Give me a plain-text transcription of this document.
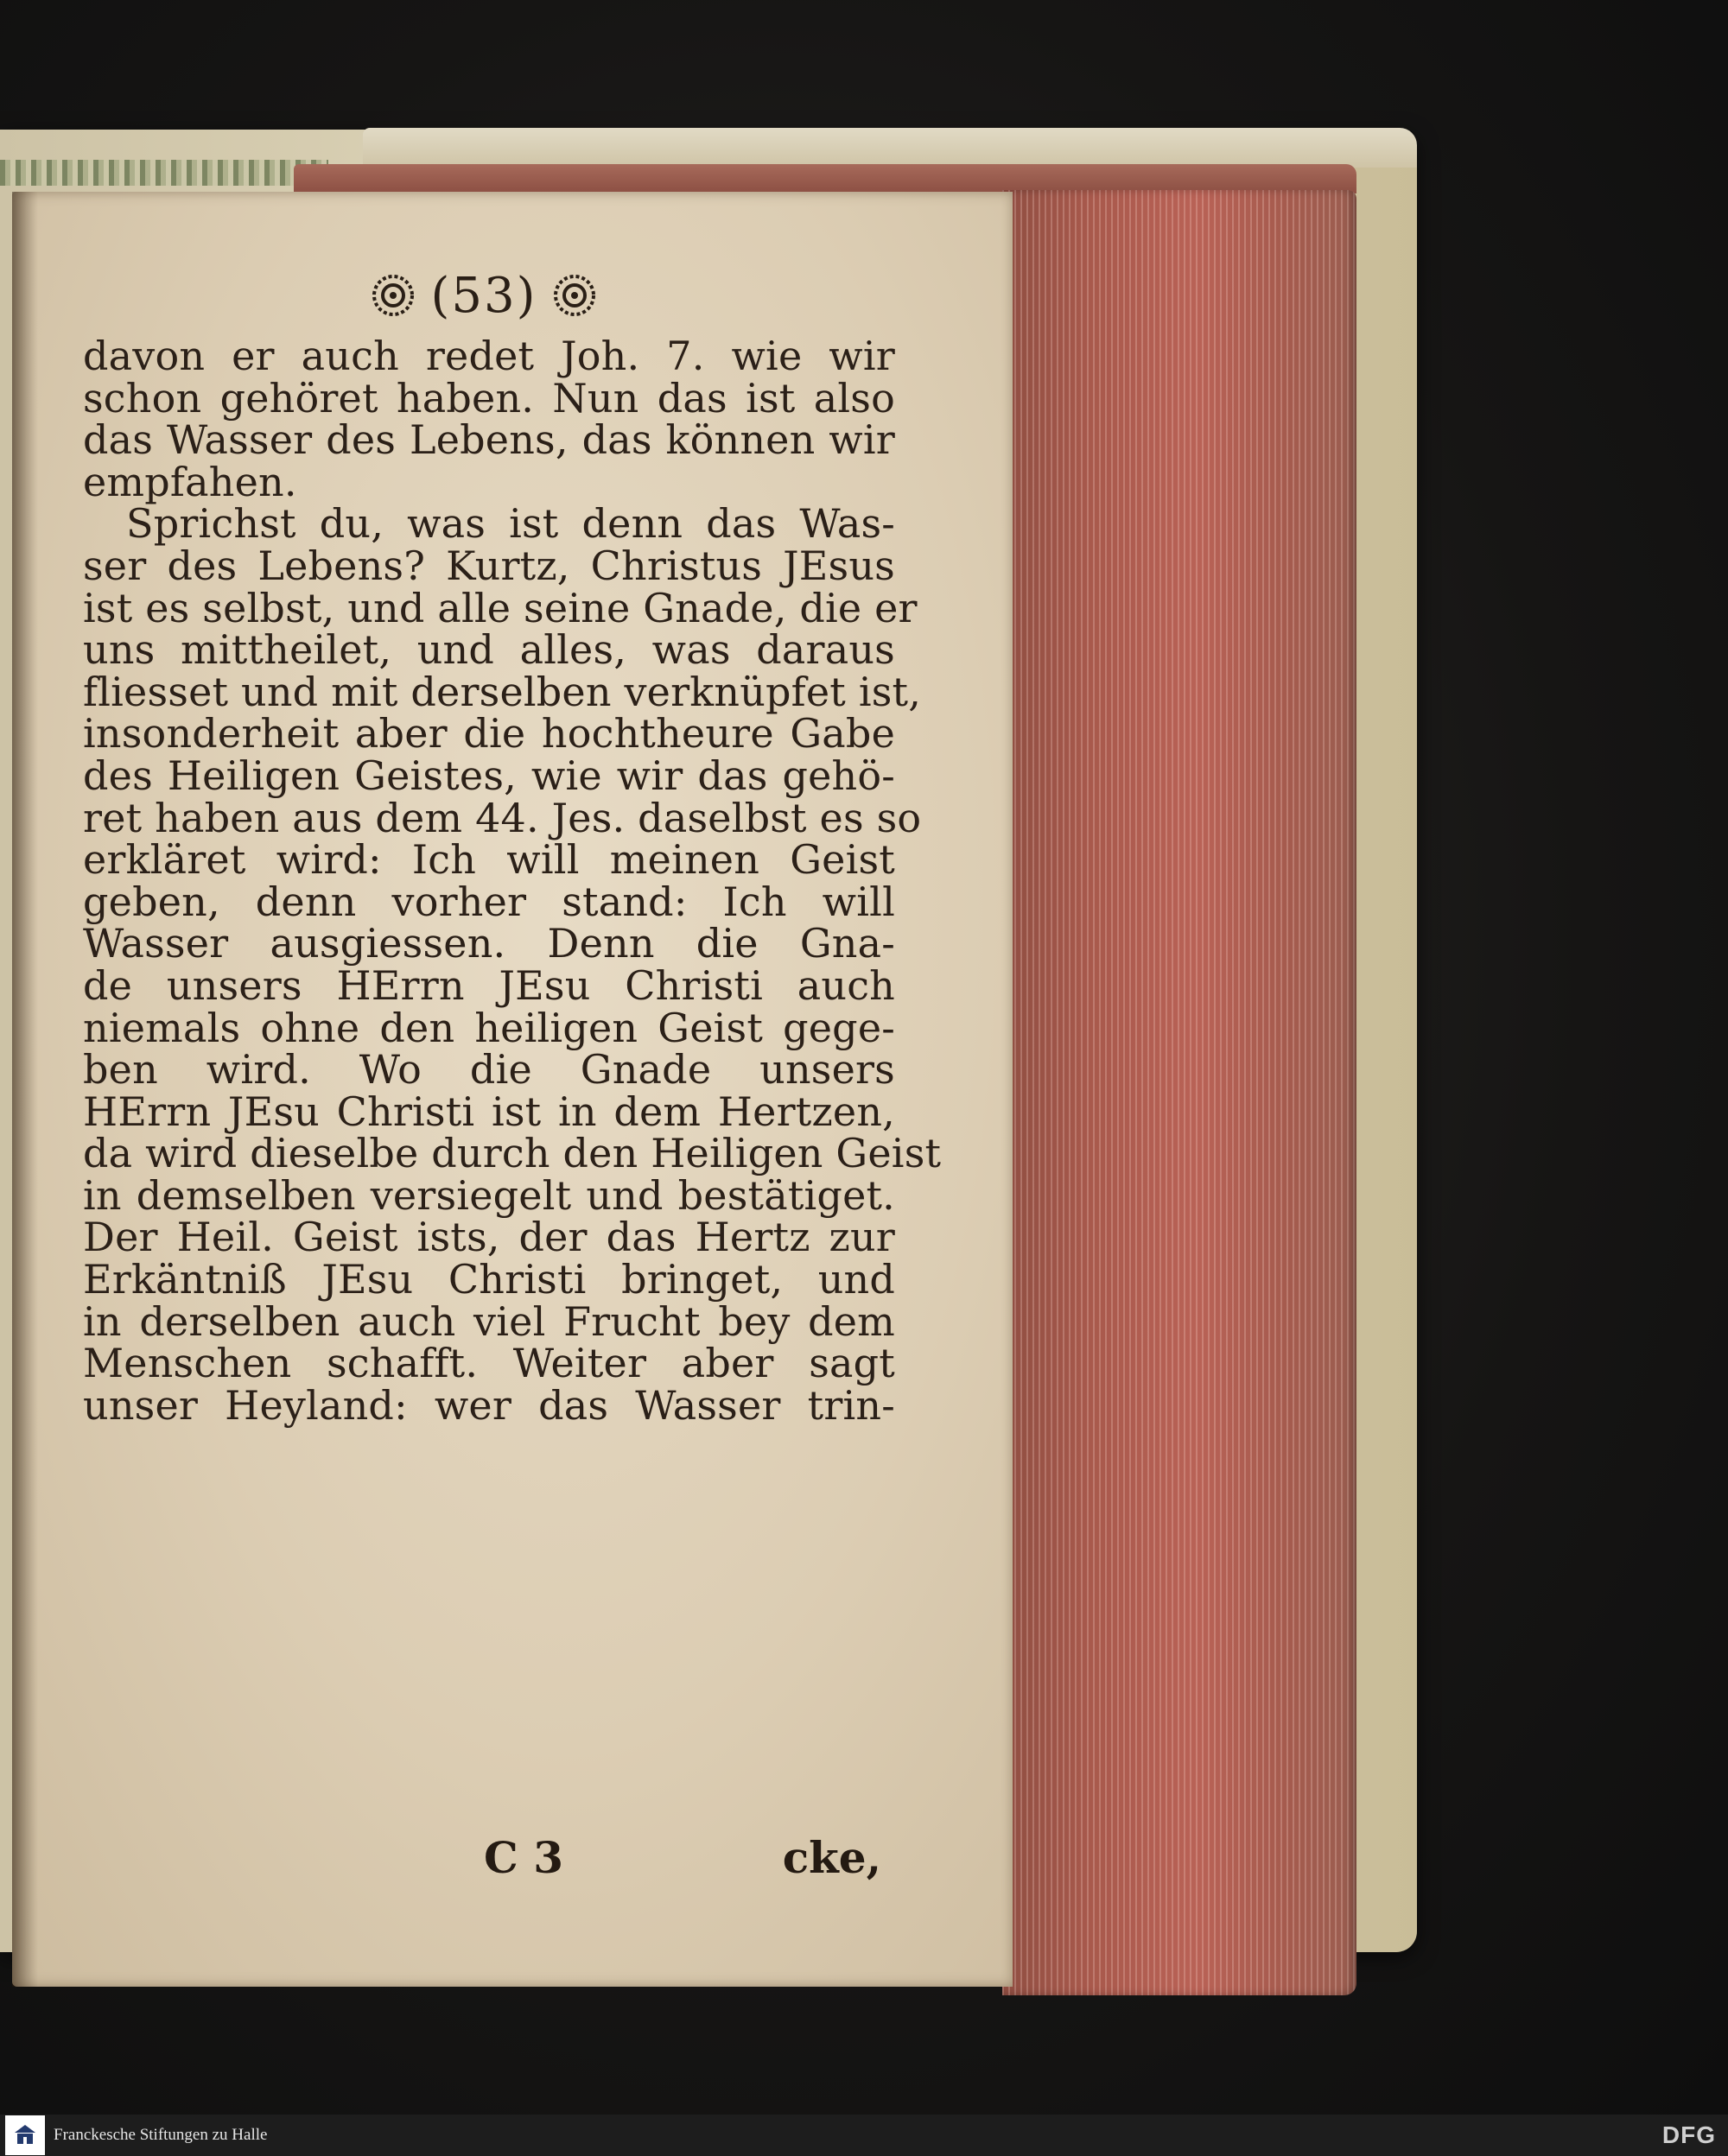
(53)
davon er auch redet Joh. 7. wie wir
schon gehöret haben. Nun das ist also
das Wasser des Lebens, das können wir
empfahen.
Sprichst du, was ist denn das Was-
ser des Lebens? Kurtz, Christus JEsus
ist es selbst, und alle seine Gnade, die er
uns mittheilet, und alles, was daraus
fliesset und mit derselben verknüpfet ist,
insonderheit aber die hochtheure Gabe
des Heiligen Geistes, wie wir das gehö-
ret haben aus dem 44. Jes. daselbst es so
erkläret wird: Ich will meinen Geist
geben, denn vorher stand: Ich will
Wasser ausgiessen. Denn die Gna-
de unsers HErrn JEsu Christi auch
niemals ohne den heiligen Geist gege-
ben wird. Wo die Gnade unsers
HErrn JEsu Christi ist in dem Hertzen,
da wird dieselbe durch den Heiligen Geist
in demselben versiegelt und bestätiget.
Der Heil. Geist ists, der das Hertz zur
Erkäntniß JEsu Christi bringet, und
in derselben auch viel Frucht bey dem
Menschen schafft. Weiter aber sagt
unser Heyland: wer das Wasser trin-
C 3	cke,
Franckesche Stiftungen zu Halle	DFG
